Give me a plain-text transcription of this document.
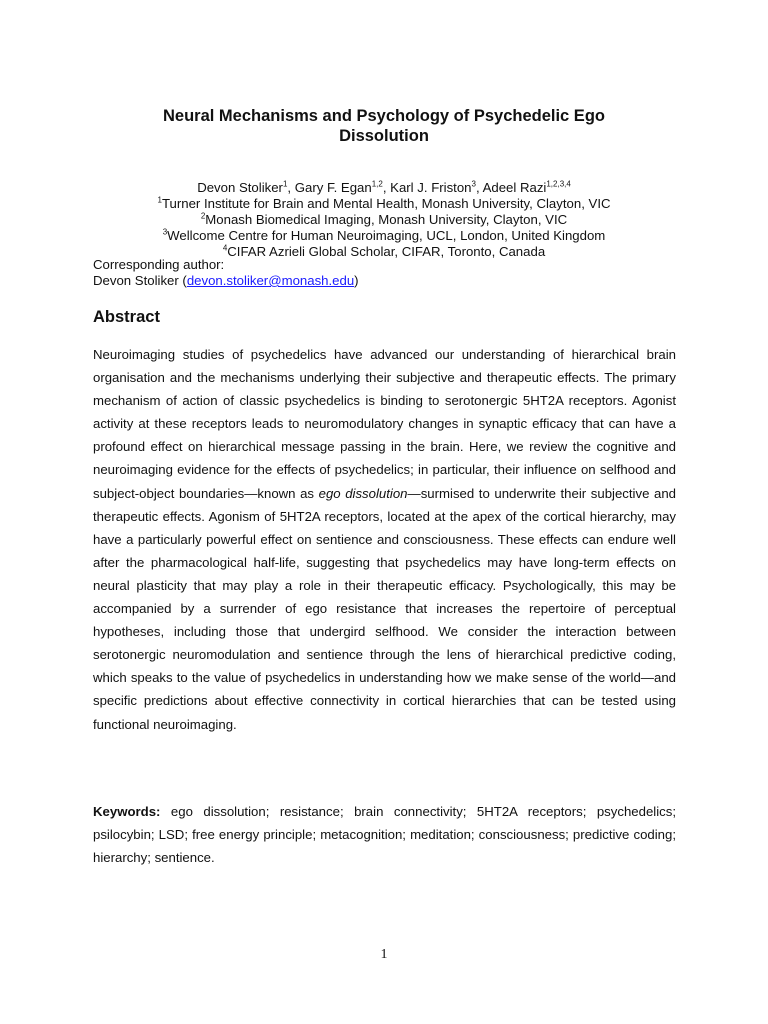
Neural Mechanisms and Psychology of Psychedelic Ego Dissolution
Devon Stoliker$^1$, Gary F. Egan$^{1,2}$, Karl J. Friston$^3$, Adeel Razi$^{1,2,3,4}$
$^1$Turner Institute for Brain and Mental Health, Monash University, Clayton, VIC
$^2$Monash Biomedical Imaging, Monash University, Clayton, VIC
$^3$Wellcome Centre for Human Neuroimaging, UCL, London, United Kingdom
$^4$CIFAR Azrieli Global Scholar, CIFAR, Toronto, Canada
Corresponding author:
Devon Stoliker (devon.stoliker@monash.edu)
Abstract
Neuroimaging studies of psychedelics have advanced our understanding of hierarchical brain organisation and the mechanisms underlying their subjective and therapeutic effects. The primary mechanism of action of classic psychedelics is binding to serotonergic 5HT2A receptors. Agonist activity at these receptors leads to neuromodulatory changes in synaptic efficacy that can have a profound effect on hierarchical message passing in the brain. Here, we review the cognitive and neuroimaging evidence for the effects of psychedelics; in particular, their influence on selfhood and subject-object boundaries—known as ego dissolution—surmised to underwrite their subjective and therapeutic effects. Agonism of 5HT2A receptors, located at the apex of the cortical hierarchy, may have a particularly powerful effect on sentience and consciousness. These effects can endure well after the pharmacological half-life, suggesting that psychedelics may have long-term effects on neural plasticity that may play a role in their therapeutic efficacy. Psychologically, this may be accompanied by a surrender of ego resistance that increases the repertoire of perceptual hypotheses, including those that undergird selfhood. We consider the interaction between serotonergic neuromodulation and sentience through the lens of hierarchical predictive coding, which speaks to the value of psychedelics in understanding how we make sense of the world—and specific predictions about effective connectivity in cortical hierarchies that can be tested using functional neuroimaging.
Keywords: ego dissolution; resistance; brain connectivity; 5HT2A receptors; psychedelics; psilocybin; LSD; free energy principle; metacognition; meditation; consciousness; predictive coding; hierarchy; sentience.
1
